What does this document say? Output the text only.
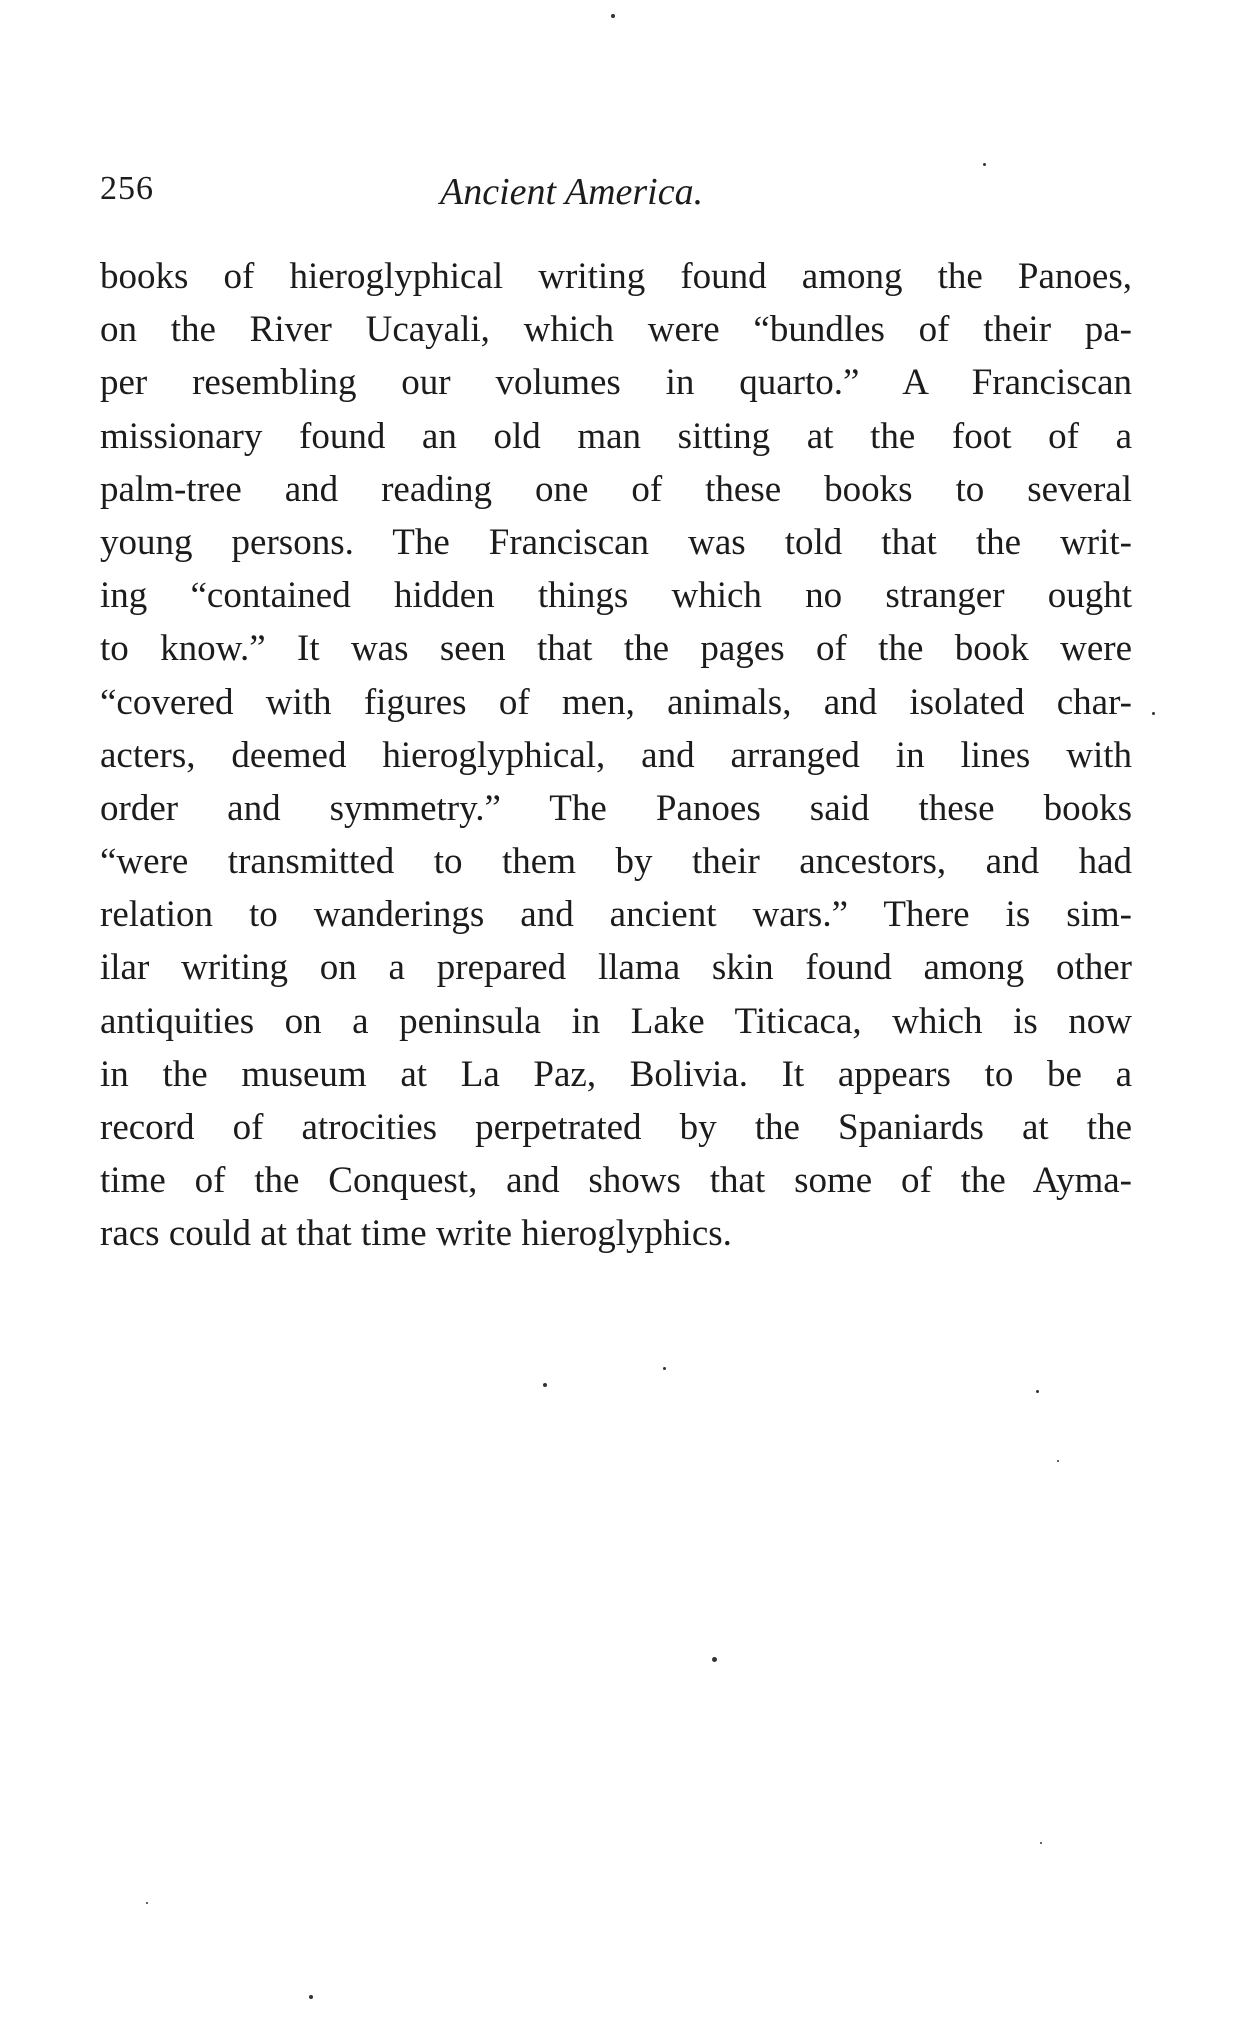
256	Ancient America.
books of hieroglyphical writing found among the Panoes,
on the River Ucayali, which were “bundles of their pa-
per resembling our volumes in quarto.” A Franciscan
missionary found an old man sitting at the foot of a
palm-tree and reading one of these books to several
young persons. The Franciscan was told that the writ-
ing “contained hidden things which no stranger ought
to know.” It was seen that the pages of the book were
“covered with figures of men, animals, and isolated char-
acters, deemed hieroglyphical, and arranged in lines with
order and symmetry.” The Panoes said these books
“were transmitted to them by their ancestors, and had
relation to wanderings and ancient wars.” There is sim-
ilar writing on a prepared llama skin found among other
antiquities on a peninsula in Lake Titicaca, which is now
in the museum at La Paz, Bolivia. It appears to be a
record of atrocities perpetrated by the Spaniards at the
time of the Conquest, and shows that some of the Ayma-
racs could at that time write hieroglyphics.
